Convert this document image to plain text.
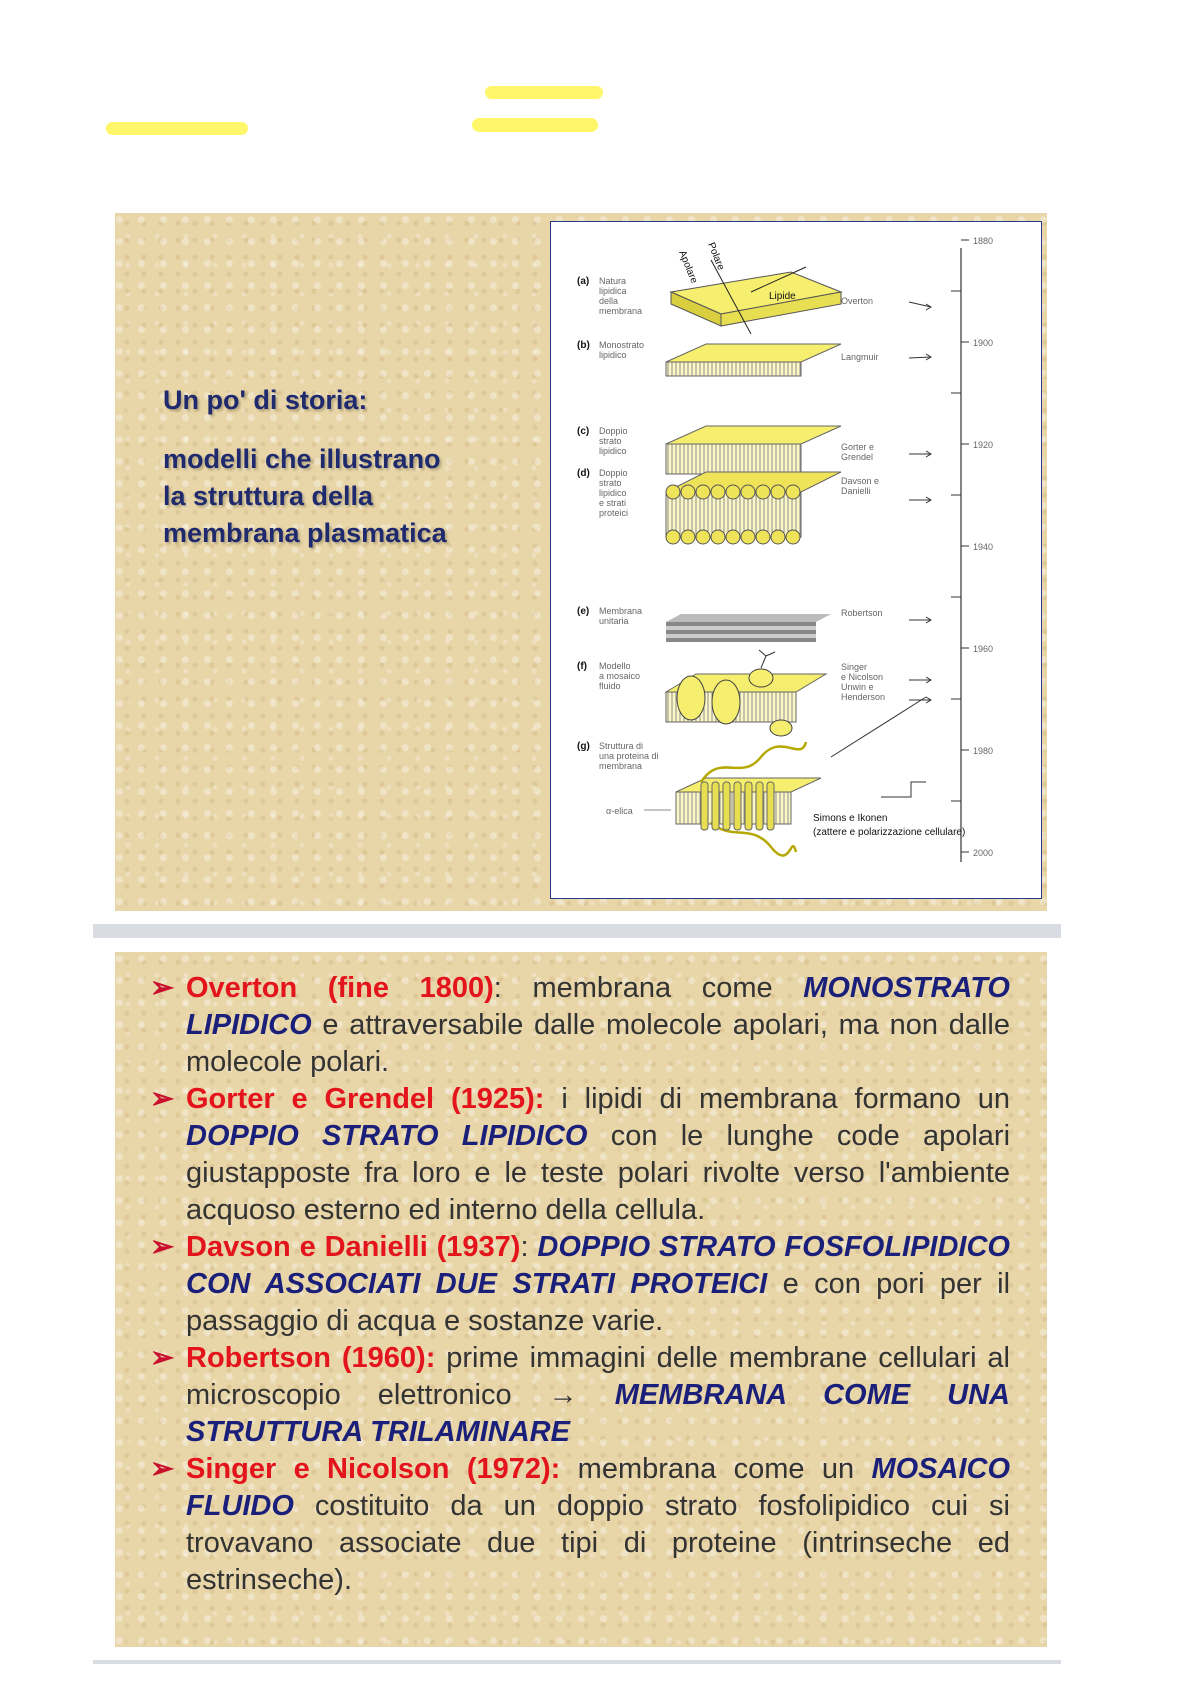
Un po' di storia:
modelli che illustrano
la struttura della
membrana plasmatica
1880
1900
1920
1940
1960
1980
2000
(a) Natura
lipidica
della
membrana
(b) Monostrato
lipidico
(c) Doppio
strato
lipidico
(d) Doppio
strato
lipidico
e strati
proteici
(e) Membrana
unitaria
(f) Modello
a mosaico
fluido
(g) Struttura di
una proteina di
membrana
Overton
Langmuir
Gorter e
Grendel
Davson e
Danielli
Robertson
Singer
e Nicolson
Unwin e
Henderson
Lipide
Apolare Polare
α-elica
Simons e Ikonen
(zattere e polarizzazione cellulare)
➢ Overton (fine 1800): membrana come MONOSTRATO LIPIDICO e attraversabile dalle molecole apolari, ma non dalle molecole polari.
➢ Gorter e Grendel (1925): i lipidi di membrana formano un DOPPIO STRATO LIPIDICO con le lunghe code apolari giustapposte fra loro e le teste polari rivolte verso l'ambiente acquoso esterno ed interno della cellula.
➢ Davson e Danielli (1937): DOPPIO STRATO FOSFOLIPIDICO CON ASSOCIATI DUE STRATI PROTEICI e con pori per il passaggio di acqua e sostanze varie.
➢ Robertson (1960): prime immagini delle membrane cellulari al microscopio elettronico → MEMBRANA COME UNA STRUTTURA TRILAMINARE
➢ Singer e Nicolson (1972): membrana come un MOSAICO FLUIDO costituito da un doppio strato fosfolipidico cui si trovavano associate due tipi di proteine (intrinseche ed estrinseche).
